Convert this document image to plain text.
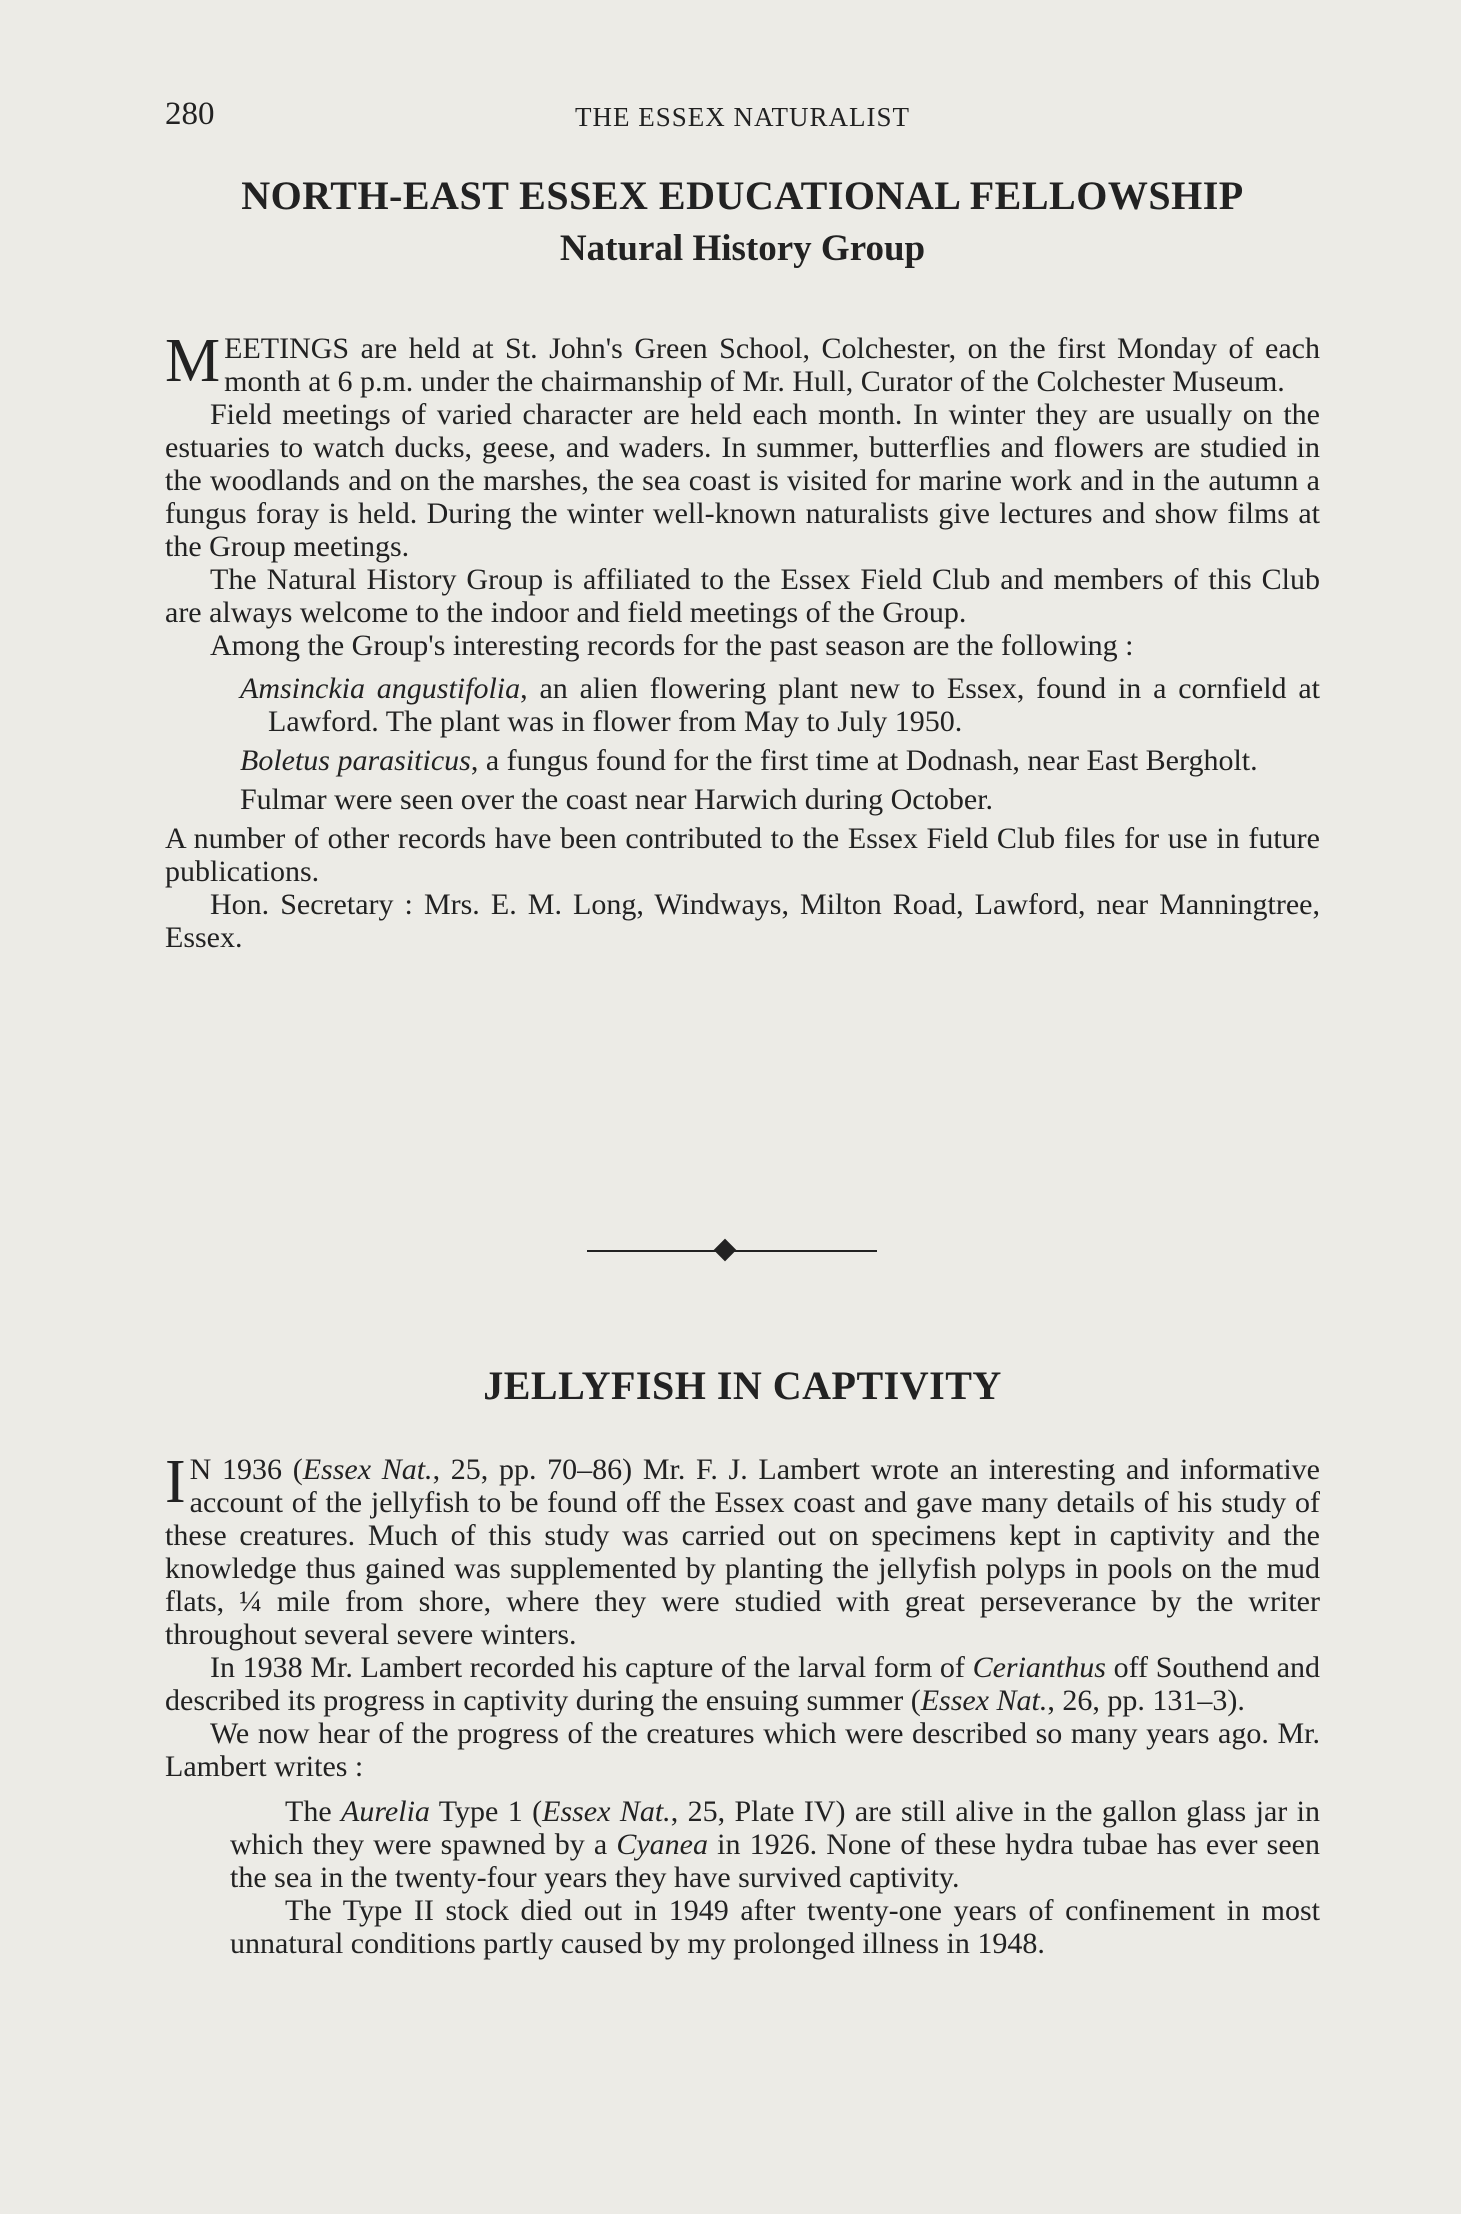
280	THE ESSEX NATURALIST
NORTH-EAST ESSEX EDUCATIONAL FELLOWSHIP
Natural History Group

MEETINGS are held at St. John's Green School, Colchester, on the first Monday of each month at 6 p.m. under the chairmanship of Mr. Hull, Curator of the Colchester Museum.

Field meetings of varied character are held each month. In winter they are usually on the estuaries to watch ducks, geese, and waders. In summer, butterflies and flowers are studied in the woodlands and on the marshes, the sea coast is visited for marine work and in the autumn a fungus foray is held. During the winter well-known naturalists give lectures and show films at the Group meetings.

The Natural History Group is affiliated to the Essex Field Club and members of this Club are always welcome to the indoor and field meetings of the Group.

Among the Group's interesting records for the past season are the following :

Amsinckia angustifolia, an alien flowering plant new to Essex, found in a cornfield at Lawford. The plant was in flower from May to July 1950.
Boletus parasiticus, a fungus found for the first time at Dodnash, near East Bergholt.
Fulmar were seen over the coast near Harwich during October.

A number of other records have been contributed to the Essex Field Club files for use in future publications.

Hon. Secretary : Mrs. E. M. Long, Windways, Milton Road, Lawford, near Manningtree, Essex.

JELLYFISH IN CAPTIVITY

I N 1936 (Essex Nat., 25, pp. 70–86) Mr. F. J. Lambert wrote an interesting and informative account of the jellyfish to be found off the Essex coast and gave many details of his study of these creatures. Much of this study was carried out on specimens kept in captivity and the knowledge thus gained was supplemented by planting the jellyfish polyps in pools on the mud flats, ¼ mile from shore, where they were studied with great perseverance by the writer throughout several severe winters.

In 1938 Mr. Lambert recorded his capture of the larval form of Cerianthus off Southend and described its progress in captivity during the ensuing summer (Essex Nat., 26, pp. 131–3).

We now hear of the progress of the creatures which were described so many years ago. Mr. Lambert writes :

The Aurelia Type 1 (Essex Nat., 25, Plate IV) are still alive in the gallon glass jar in which they were spawned by a Cyanea in 1926. None of these hydra tubae has ever seen the sea in the twenty-four years they have survived captivity.

The Type II stock died out in 1949 after twenty-one years of confinement in most unnatural conditions partly caused by my prolonged illness in 1948.
